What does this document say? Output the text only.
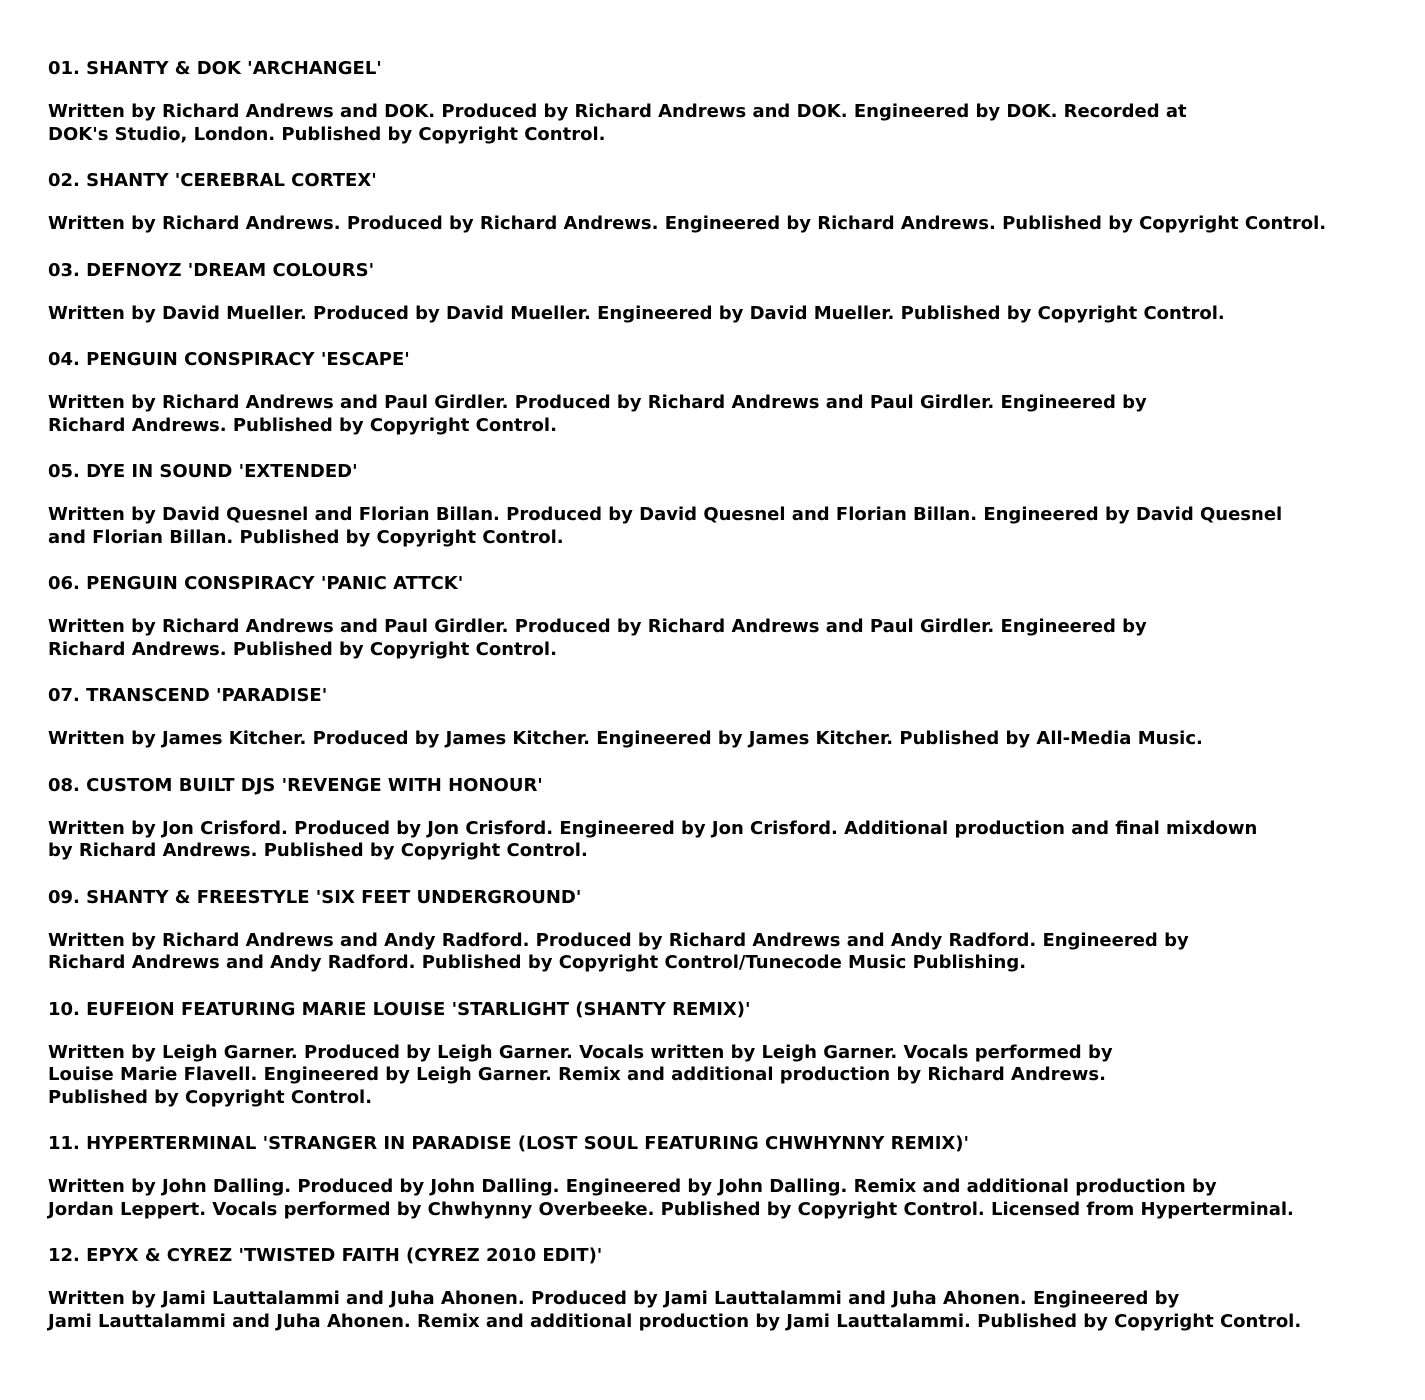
01. SHANTY & DOK 'ARCHANGEL'
Written by Richard Andrews and DOK. Produced by Richard Andrews and DOK. Engineered by DOK. Recorded at
DOK's Studio, London. Published by Copyright Control.
02. SHANTY 'CEREBRAL CORTEX'
Written by Richard Andrews. Produced by Richard Andrews. Engineered by Richard Andrews. Published by Copyright Control.
03. DEFNOYZ 'DREAM COLOURS'
Written by David Mueller. Produced by David Mueller. Engineered by David Mueller. Published by Copyright Control.
04. PENGUIN CONSPIRACY 'ESCAPE'
Written by Richard Andrews and Paul Girdler. Produced by Richard Andrews and Paul Girdler. Engineered by
Richard Andrews. Published by Copyright Control.
05. DYE IN SOUND 'EXTENDED'
Written by David Quesnel and Florian Billan. Produced by David Quesnel and Florian Billan. Engineered by David Quesnel
and Florian Billan. Published by Copyright Control.
06. PENGUIN CONSPIRACY 'PANIC ATTCK'
Written by Richard Andrews and Paul Girdler. Produced by Richard Andrews and Paul Girdler. Engineered by
Richard Andrews. Published by Copyright Control.
07. TRANSCEND 'PARADISE'
Written by James Kitcher. Produced by James Kitcher. Engineered by James Kitcher. Published by All-Media Music.
08. CUSTOM BUILT DJS 'REVENGE WITH HONOUR'
Written by Jon Crisford. Produced by Jon Crisford. Engineered by Jon Crisford. Additional production and final mixdown
by Richard Andrews. Published by Copyright Control.
09. SHANTY & FREESTYLE 'SIX FEET UNDERGROUND'
Written by Richard Andrews and Andy Radford. Produced by Richard Andrews and Andy Radford. Engineered by
Richard Andrews and Andy Radford. Published by Copyright Control/Tunecode Music Publishing.
10. EUFEION FEATURING MARIE LOUISE 'STARLIGHT (SHANTY REMIX)'
Written by Leigh Garner. Produced by Leigh Garner. Vocals written by Leigh Garner. Vocals performed by
Louise Marie Flavell. Engineered by Leigh Garner. Remix and additional production by Richard Andrews.
Published by Copyright Control.
11. HYPERTERMINAL 'STRANGER IN PARADISE (LOST SOUL FEATURING CHWHYNNY REMIX)'
Written by John Dalling. Produced by John Dalling. Engineered by John Dalling. Remix and additional production by
Jordan Leppert. Vocals performed by Chwhynny Overbeeke. Published by Copyright Control. Licensed from Hyperterminal.
12. EPYX & CYREZ 'TWISTED FAITH (CYREZ 2010 EDIT)'
Written by Jami Lauttalammi and Juha Ahonen. Produced by Jami Lauttalammi and Juha Ahonen. Engineered by
Jami Lauttalammi and Juha Ahonen. Remix and additional production by Jami Lauttalammi. Published by Copyright Control.
